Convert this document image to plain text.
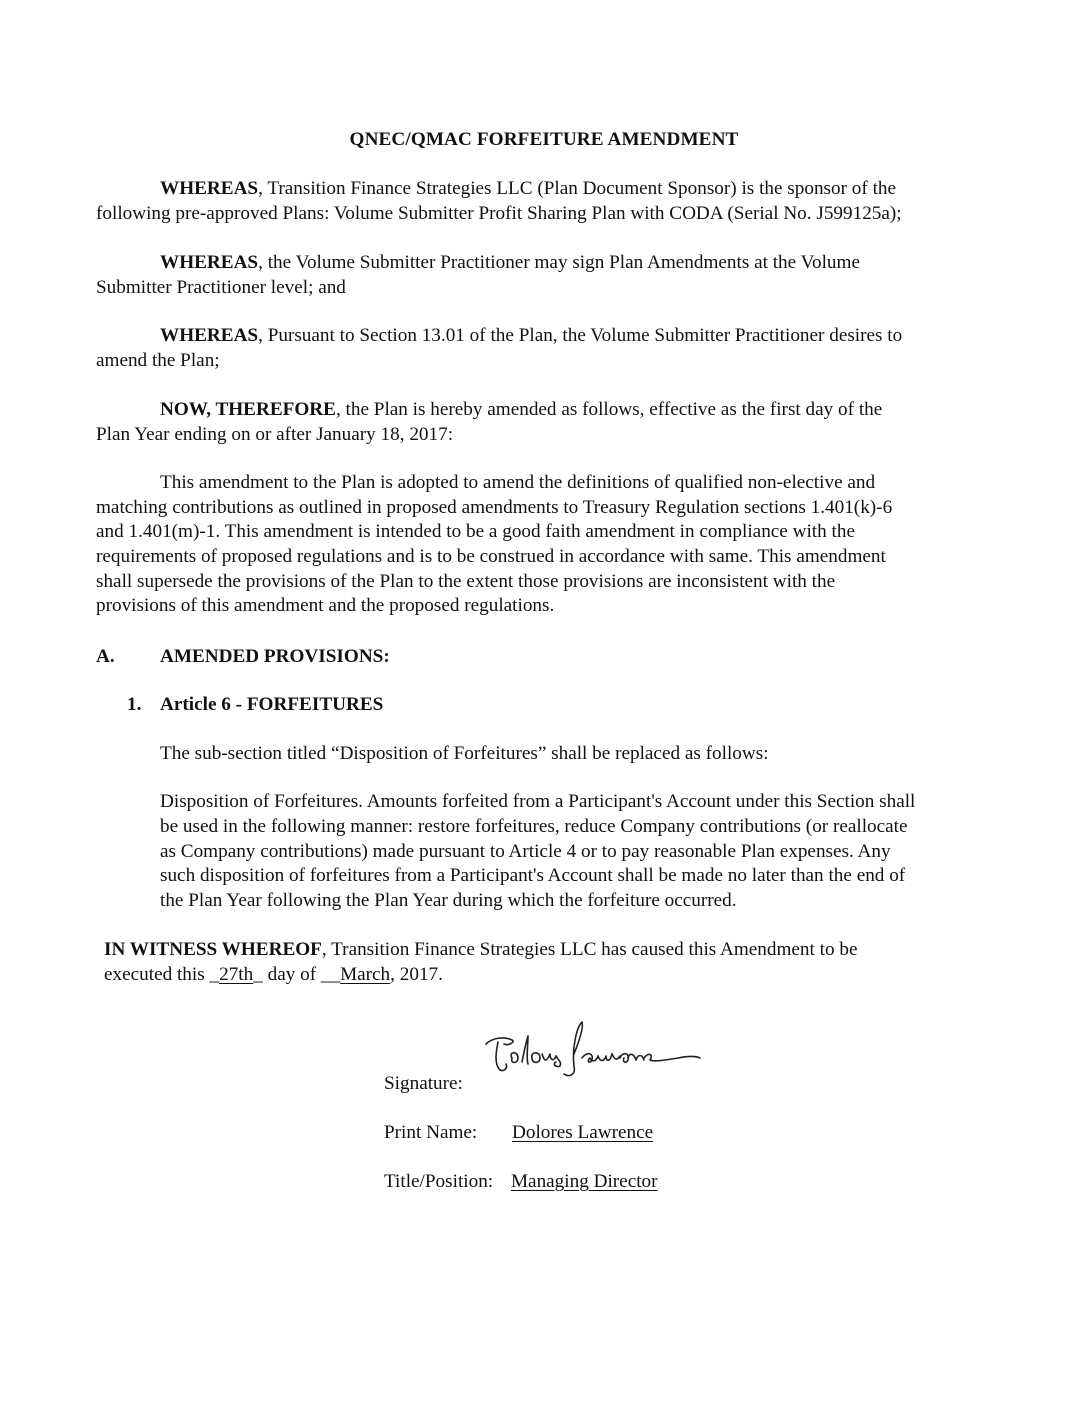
QNEC/QMAC FORFEITURE AMENDMENT
WHEREAS, Transition Finance Strategies LLC (Plan Document Sponsor) is the sponsor of the
following pre-approved Plans: Volume Submitter Profit Sharing Plan with CODA (Serial No. J599125a);
WHEREAS, the Volume Submitter Practitioner may sign Plan Amendments at the Volume
Submitter Practitioner level; and
WHEREAS, Pursuant to Section 13.01 of the Plan, the Volume Submitter Practitioner desires to
amend the Plan;
NOW, THEREFORE, the Plan is hereby amended as follows, effective as the first day of the
Plan Year ending on or after January 18, 2017:
This amendment to the Plan is adopted to amend the definitions of qualified non-elective and
matching contributions as outlined in proposed amendments to Treasury Regulation sections 1.401(k)-6
and 1.401(m)-1. This amendment is intended to be a good faith amendment in compliance with the
requirements of proposed regulations and is to be construed in accordance with same. This amendment
shall supersede the provisions of the Plan to the extent those provisions are inconsistent with the
provisions of this amendment and the proposed regulations.
A. AMENDED PROVISIONS:
1. Article 6 - FORFEITURES
The sub-section titled “Disposition of Forfeitures” shall be replaced as follows:
Disposition of Forfeitures. Amounts forfeited from a Participant's Account under this Section shall
be used in the following manner: restore forfeitures, reduce Company contributions (or reallocate
as Company contributions) made pursuant to Article 4 or to pay reasonable Plan expenses. Any
such disposition of forfeitures from a Participant's Account shall be made no later than the end of
the Plan Year following the Plan Year during which the forfeiture occurred.
IN WITNESS WHEREOF, Transition Finance Strategies LLC has caused this Amendment to be
executed this _27th_ day of __March, 2017.
Signature:
Print Name: Dolores Lawrence
Title/Position: Managing Director
